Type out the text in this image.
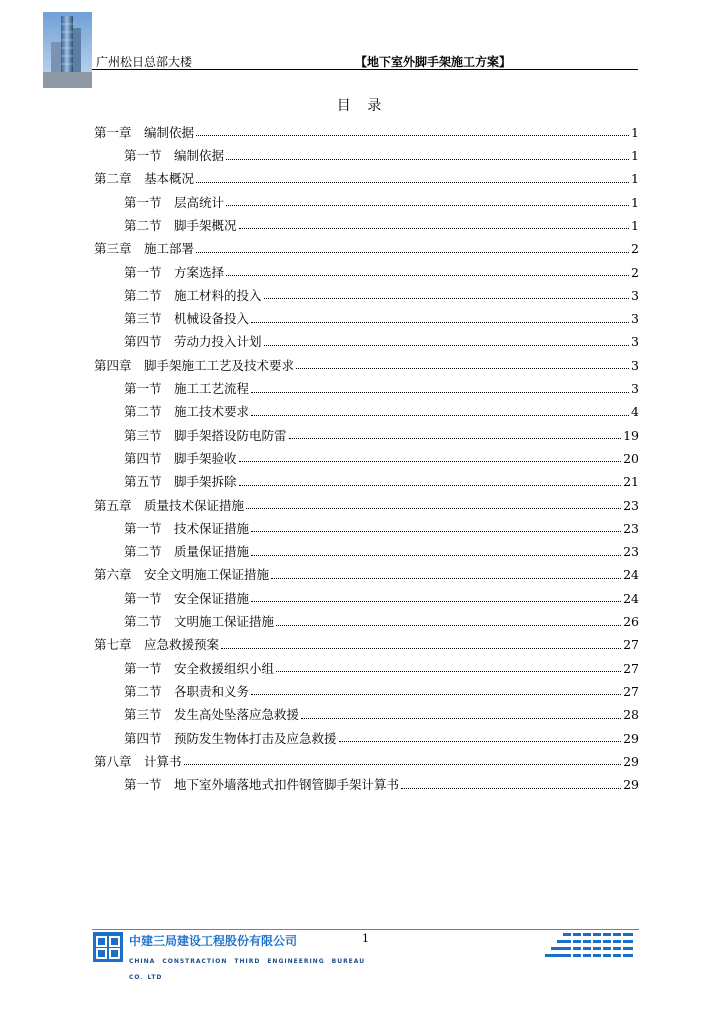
广州松日总部大楼	【地下室外脚手架施工方案】
目 录
第一章　编制依据	1
第一节　编制依据	1
第二章　基本概况	1
第一节　层高统计	1
第二节　脚手架概况	1
第三章　施工部署	2
第一节　方案选择	2
第二节　施工材料的投入	3
第三节　机械设备投入	3
第四节　劳动力投入计划	3
第四章　脚手架施工工艺及技术要求	3
第一节　施工工艺流程	3
第二节　施工技术要求	4
第三节　脚手架搭设防电防雷	19
第四节　脚手架验收	20
第五节　脚手架拆除	21
第五章　质量技术保证措施	23
第一节　技术保证措施	23
第二节　质量保证措施	23
第六章　安全文明施工保证措施	24
第一节　安全保证措施	24
第二节　文明施工保证措施	26
第七章　应急救援预案	27
第一节　安全救援组织小组	27
第二节　各职责和义务	27
第三节　发生高处坠落应急救援	28
第四节　预防发生物体打击及应急救援	29
第八章　计算书	29
第一节　地下室外墙落地式扣件钢管脚手架计算书	29
中建三局建设工程股份有限公司
CHINA　CONSTRACTION　THIRD　ENGINEERING　BUREAU
CO．LTD
1
